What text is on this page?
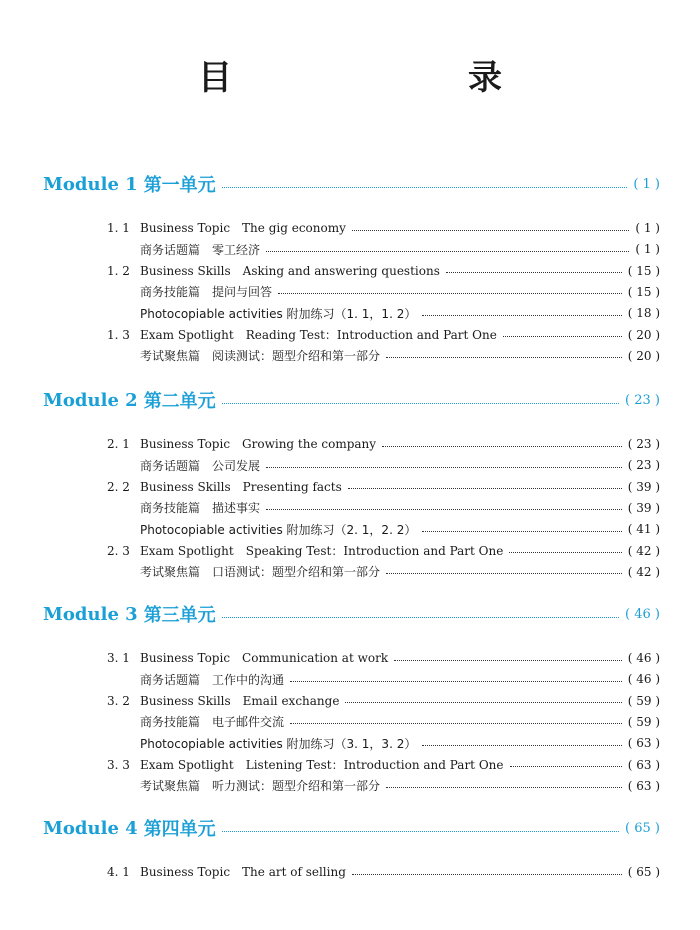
目　　录
Module 1 第一单元	( 1 )
1. 1 Business Topic The gig economy	( 1 )
商务话题篇 零工经济	( 1 )
1. 2 Business Skills Asking and answering questions	( 15 )
商务技能篇 提问与回答	( 15 )
Photocopiable activities 附加练习（1. 1，1. 2）	( 18 )
1. 3 Exam Spotlight Reading Test：Introduction and Part One	( 20 )
考试聚焦篇 阅读测试：题型介绍和第一部分	( 20 )
Module 2 第二单元	( 23 )
2. 1 Business Topic Growing the company	( 23 )
商务话题篇 公司发展	( 23 )
2. 2 Business Skills Presenting facts	( 39 )
商务技能篇 描述事实	( 39 )
Photocopiable activities 附加练习（2. 1，2. 2）	( 41 )
2. 3 Exam Spotlight Speaking Test：Introduction and Part One	( 42 )
考试聚焦篇 口语测试：题型介绍和第一部分	( 42 )
Module 3 第三单元	( 46 )
3. 1 Business Topic Communication at work	( 46 )
商务话题篇 工作中的沟通	( 46 )
3. 2 Business Skills Email exchange	( 59 )
商务技能篇 电子邮件交流	( 59 )
Photocopiable activities 附加练习（3. 1，3. 2）	( 63 )
3. 3 Exam Spotlight Listening Test：Introduction and Part One	( 63 )
考试聚焦篇 听力测试：题型介绍和第一部分	( 63 )
Module 4 第四单元	( 65 )
4. 1 Business Topic The art of selling	( 65 )
